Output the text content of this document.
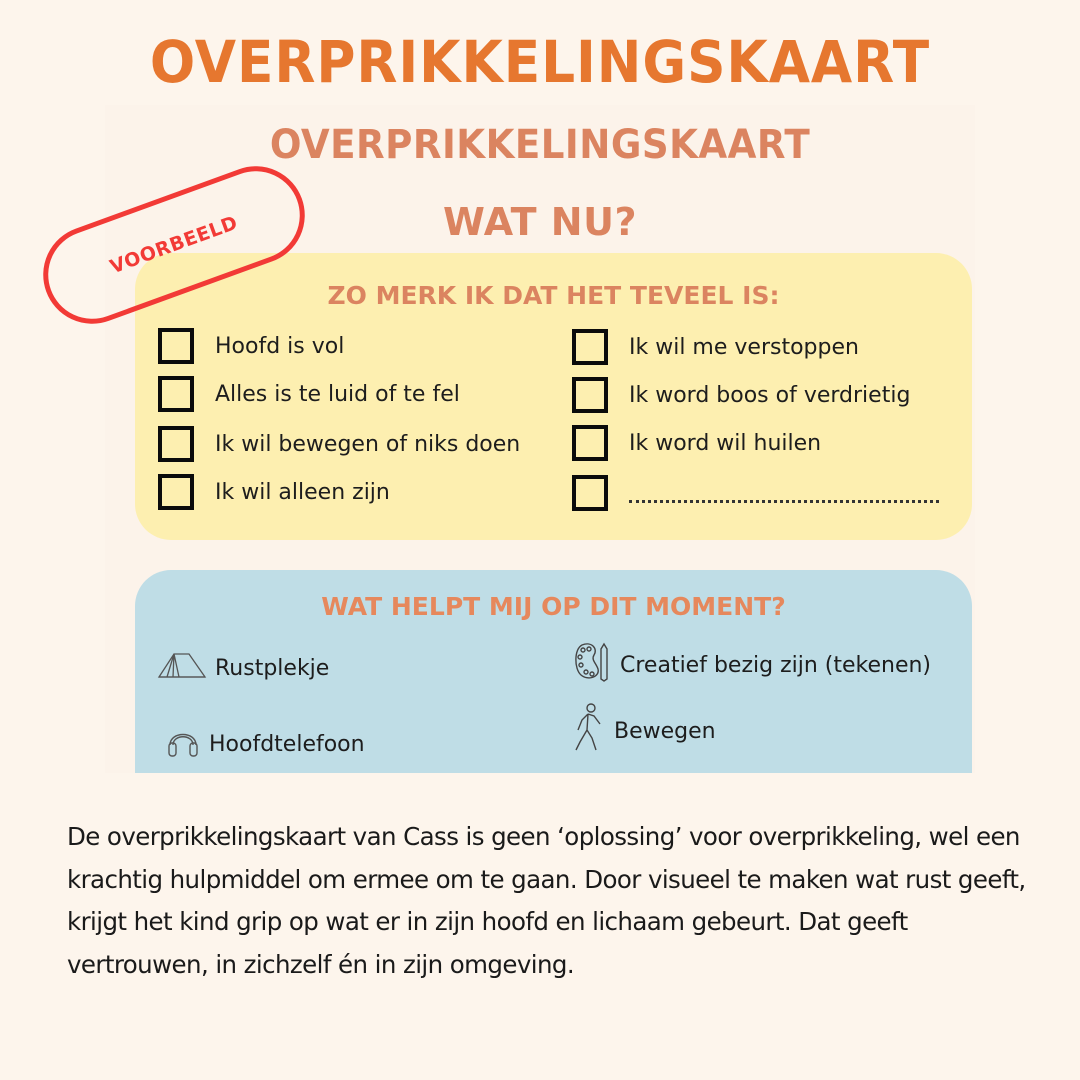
OVERPRIKKELINGSKAART
OVERPRIKKELINGSKAART
WAT NU?
ZO MERK IK DAT HET TEVEEL IS:
Hoofd is vol
Alles is te luid of te fel
Ik wil bewegen of niks doen
Ik wil alleen zijn
Ik wil me verstoppen
Ik word boos of verdrietig
Ik word wil huilen
WAT HELPT MIJ OP DIT MOMENT?
Rustplekje
Hoofdtelefoon
Creatief bezig zijn (tekenen)
Bewegen
VOORBEELD

De overprikkelingskaart van Cass is geen ‘oplossing’ voor overprikkeling, wel een krachtig hulpmiddel om ermee om te gaan. Door visueel te maken wat rust geeft, krijgt het kind grip op wat er in zijn hoofd en lichaam gebeurt. Dat geeft vertrouwen, in zichzelf én in zijn omgeving.
